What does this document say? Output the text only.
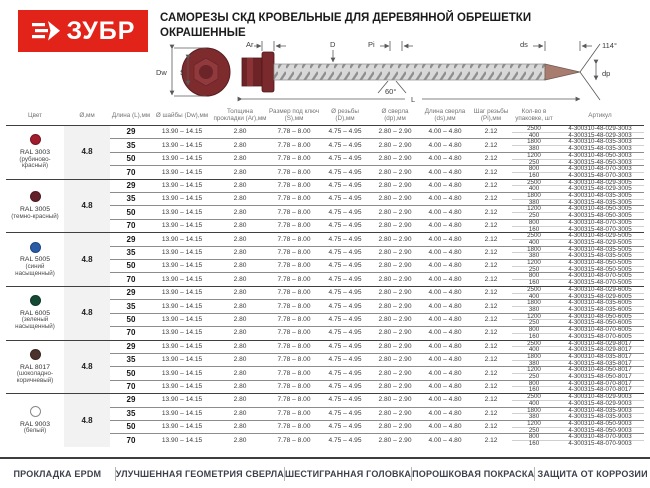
ЗУБР САМОРЕЗЫ СКД КРОВЕЛЬНЫЕ ДЛЯ ДЕРЕВЯННОЙ ОБРЕШЕТКИ
ОКРАШЕННЫЕ
Dw S
Ar	D	Pi	ds	114°
dp
L
60°
Цвет	Ø,мм	Длина (L),мм	Ø шайбы (Dw),мм	Толщина прокладки (Ar),мм	Размер под ключ (S),мм	Ø резьбы (D),мм	Ø сверла (dp),мм	Длина сверла (ds),мм	Шаг резьбы (Pi),мм	Кол-во в упаковке, шт	Артикул

RAL 3003
(рубиново-красный)	4.8	29	13.90 – 14.15	2.80	7.78 – 8.00	4.75 – 4.95	2.80 – 2.90	4.00 – 4.80	2.12	2500	4-300310-48-029-3003
										400	4-300315-48-029-3003
		35	13.90 – 14.15	2.80	7.78 – 8.00	4.75 – 4.95	2.80 – 2.90	4.00 – 4.80	2.12	1800	4-300310-48-035-3003
										380	4-300315-48-035-3003
		50	13.90 – 14.15	2.80	7.78 – 8.00	4.75 – 4.95	2.80 – 2.90	4.00 – 4.80	2.12	1200	4-300310-48-050-3003
										250	4-300315-48-050-3003
		70	13.90 – 14.15	2.80	7.78 – 8.00	4.75 – 4.95	2.80 – 2.90	4.00 – 4.80	2.12	800	4-300310-48-070-3003
										160	4-300315-48-070-3003

RAL 3005
(темно-красный)	4.8	29	13.90 – 14.15	2.80	7.78 – 8.00	4.75 – 4.95	2.80 – 2.90	4.00 – 4.80	2.12	2500	4-300310-48-029-3005
										400	4-300315-48-029-3005
		35	13.90 – 14.15	2.80	7.78 – 8.00	4.75 – 4.95	2.80 – 2.90	4.00 – 4.80	2.12	1800	4-300310-48-035-3005
										380	4-300315-48-035-3005
		50	13.90 – 14.15	2.80	7.78 – 8.00	4.75 – 4.95	2.80 – 2.90	4.00 – 4.80	2.12	1200	4-300310-48-050-3005
										250	4-300315-48-050-3005
		70	13.90 – 14.15	2.80	7.78 – 8.00	4.75 – 4.95	2.80 – 2.90	4.00 – 4.80	2.12	800	4-300310-48-070-3005
										160	4-300315-48-070-3005

RAL 5005
(синий насыщенный)	4.8	29	13.90 – 14.15	2.80	7.78 – 8.00	4.75 – 4.95	2.80 – 2.90	4.00 – 4.80	2.12	2500	4-300310-48-029-5005
										400	4-300315-48-029-5005
		35	13.90 – 14.15	2.80	7.78 – 8.00	4.75 – 4.95	2.80 – 2.90	4.00 – 4.80	2.12	1800	4-300310-48-035-5005
										380	4-300315-48-035-5005
		50	13.90 – 14.15	2.80	7.78 – 8.00	4.75 – 4.95	2.80 – 2.90	4.00 – 4.80	2.12	1200	4-300310-48-050-5005
										250	4-300315-48-050-5005
		70	13.90 – 14.15	2.80	7.78 – 8.00	4.75 – 4.95	2.80 – 2.90	4.00 – 4.80	2.12	800	4-300310-48-070-5005
										160	4-300315-48-070-5005

RAL 6005
(зеленый насыщенный)	4.8	29	13.90 – 14.15	2.80	7.78 – 8.00	4.75 – 4.95	2.80 – 2.90	4.00 – 4.80	2.12	2500	4-300310-48-029-6005
										400	4-300315-48-029-6005
		35	13.90 – 14.15	2.80	7.78 – 8.00	4.75 – 4.95	2.80 – 2.90	4.00 – 4.80	2.12	1800	4-300310-48-035-6005
										380	4-300315-48-035-6005
		50	13.90 – 14.15	2.80	7.78 – 8.00	4.75 – 4.95	2.80 – 2.90	4.00 – 4.80	2.12	1200	4-300310-48-050-6005
										250	4-300315-48-050-6005
		70	13.90 – 14.15	2.80	7.78 – 8.00	4.75 – 4.95	2.80 – 2.90	4.00 – 4.80	2.12	800	4-300310-48-070-6005
										160	4-300315-48-070-6005

RAL 8017
(шоколадно-коричневый)	4.8	29	13.90 – 14.15	2.80	7.78 – 8.00	4.75 – 4.95	2.80 – 2.90	4.00 – 4.80	2.12	2500	4-300310-48-029-8017
										400	4-300315-48-029-8017
		35	13.90 – 14.15	2.80	7.78 – 8.00	4.75 – 4.95	2.80 – 2.90	4.00 – 4.80	2.12	1800	4-300310-48-035-8017
										380	4-300315-48-035-8017
		50	13.90 – 14.15	2.80	7.78 – 8.00	4.75 – 4.95	2.80 – 2.90	4.00 – 4.80	2.12	1200	4-300310-48-050-8017
										250	4-300315-48-050-8017
		70	13.90 – 14.15	2.80	7.78 – 8.00	4.75 – 4.95	2.80 – 2.90	4.00 – 4.80	2.12	800	4-300310-48-070-8017
										160	4-300315-48-070-8017

RAL 9003
(белый)	4.8	29	13.90 – 14.15	2.80	7.78 – 8.00	4.75 – 4.95	2.80 – 2.90	4.00 – 4.80	2.12	2500	4-300310-48-029-9003
										400	4-300315-48-029-9003
		35	13.90 – 14.15	2.80	7.78 – 8.00	4.75 – 4.95	2.80 – 2.90	4.00 – 4.80	2.12	1800	4-300310-48-035-9003
										380	4-300315-48-035-9003
		50	13.90 – 14.15	2.80	7.78 – 8.00	4.75 – 4.95	2.80 – 2.90	4.00 – 4.80	2.12	1200	4-300310-48-050-9003
										250	4-300315-48-050-9003
		70	13.90 – 14.15	2.80	7.78 – 8.00	4.75 – 4.95	2.80 – 2.90	4.00 – 4.80	2.12	800	4-300310-48-070-9003
										160	4-300315-48-070-9003
ПРОКЛАДКА EPDM	УЛУЧШЕННАЯ ГЕОМЕТРИЯ СВЕРЛА ШЕСТИГРАННАЯ ГОЛОВКА ПОРОШКОВАЯ ПОКРАСКА ЗАЩИТА ОТ КОРРОЗИИ
